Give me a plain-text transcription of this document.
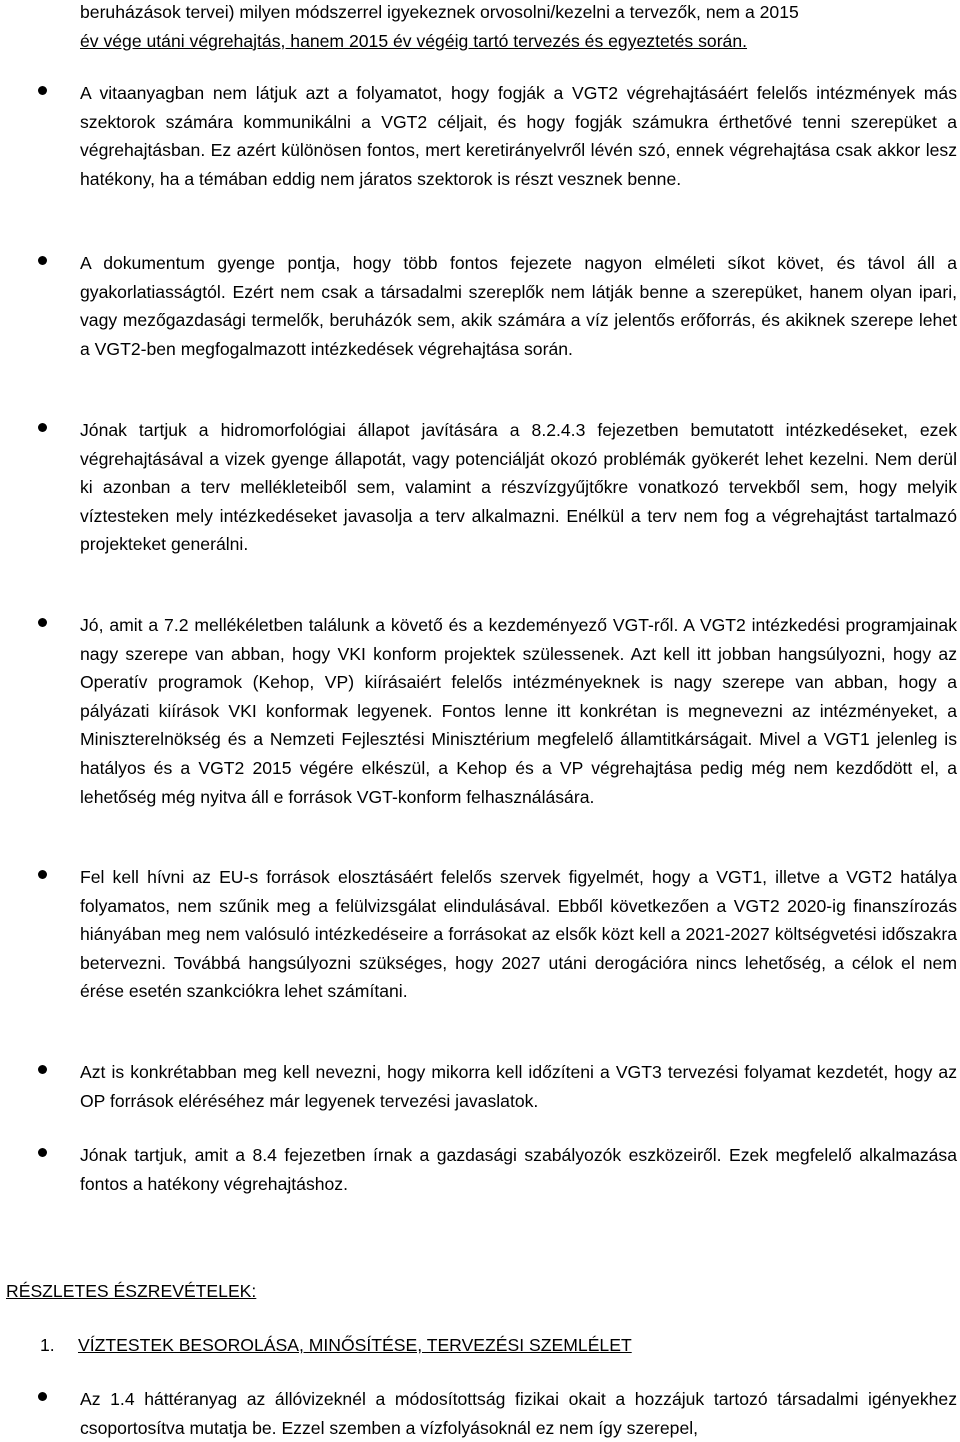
beruházások tervei) milyen módszerrel igyekeznek orvosolni/kezelni a tervezők, nem a 2015
év vége utáni végrehajtás, hanem 2015 év végéig tartó tervezés és egyeztetés során.

A vitaanyagban nem látjuk azt a folyamatot, hogy fogják a VGT2 végrehajtásáért felelős intézmények más szektorok számára kommunikálni a VGT2 céljait, és hogy fogják számukra érthetővé tenni szerepüket a végrehajtásban. Ez azért különösen fontos, mert keretirányelvről lévén szó, ennek végrehajtása csak akkor lesz hatékony, ha a témában eddig nem járatos szektorok is részt vesznek benne.

A dokumentum gyenge pontja, hogy több fontos fejezete nagyon elméleti síkot követ, és távol áll a gyakorlatiasságtól. Ezért nem csak a társadalmi szereplők nem látják benne a szerepüket, hanem olyan ipari, vagy mezőgazdasági termelők, beruházók sem, akik számára a víz jelentős erőforrás, és akiknek szerepe lehet a VGT2-ben megfogalmazott intézkedések végrehajtása során.

Jónak tartjuk a hidromorfológiai állapot javítására a 8.2.4.3 fejezetben bemutatott intézkedéseket, ezek végrehajtásával a vizek gyenge állapotát, vagy potenciálját okozó problémák gyökerét lehet kezelni. Nem derül ki azonban a terv mellékleteiből sem, valamint a részvízgyűjtőkre vonatkozó tervekből sem, hogy melyik víztesteken mely intézkedéseket javasolja a terv alkalmazni. Enélkül a terv nem fog a végrehajtást tartalmazó projekteket generálni.

Jó, amit a 7.2 mellékéletben találunk a követő és a kezdeményező VGT-ről. A VGT2 intézkedési programjainak nagy szerepe van abban, hogy VKI konform projektek szülessenek. Azt kell itt jobban hangsúlyozni, hogy az Operatív programok (Kehop, VP) kiírásaiért felelős intézményeknek is nagy szerepe van abban, hogy a pályázati kiírások VKI konformak legyenek. Fontos lenne itt konkrétan is megnevezni az intézményeket, a Miniszterelnökség és a Nemzeti Fejlesztési Minisztérium megfelelő államtitkárságait. Mivel a VGT1 jelenleg is hatályos és a VGT2 2015 végére elkészül, a Kehop és a VP végrehajtása pedig még nem kezdődött el, a lehetőség még nyitva áll e források VGT-konform felhasználására.

Fel kell hívni az EU-s források elosztásáért felelős szervek figyelmét, hogy a VGT1, illetve a VGT2 hatálya folyamatos, nem szűnik meg a felülvizsgálat elindulásával. Ebből következően a VGT2 2020-ig finanszírozás hiányában meg nem valósuló intézkedéseire a forrásokat az elsők közt kell a 2021-2027 költségvetési időszakra betervezni. Továbbá hangsúlyozni szükséges, hogy 2027 utáni derogációra nincs lehetőség, a célok el nem érése esetén szankciókra lehet számítani.

Azt is konkrétabban meg kell nevezni, hogy mikorra kell időzíteni a VGT3 tervezési folyamat kezdetét, hogy az OP források eléréséhez már legyenek tervezési javaslatok.

Jónak tartjuk, amit a 8.4 fejezetben írnak a gazdasági szabályozók eszközeiről. Ezek megfelelő alkalmazása fontos a hatékony végrehajtáshoz.

RÉSZLETES ÉSZREVÉTELEK:

1. VÍZTESTEK BESOROLÁSA, MINŐSÍTÉSE, TERVEZÉSI SZEMLÉLET

Az 1.4 háttéranyag az állóvizeknél a módosítottság fizikai okait a hozzájuk tartozó társadalmi igényekhez csoportosítva mutatja be. Ezzel szemben a vízfolyásoknál ez nem így szerepel,
